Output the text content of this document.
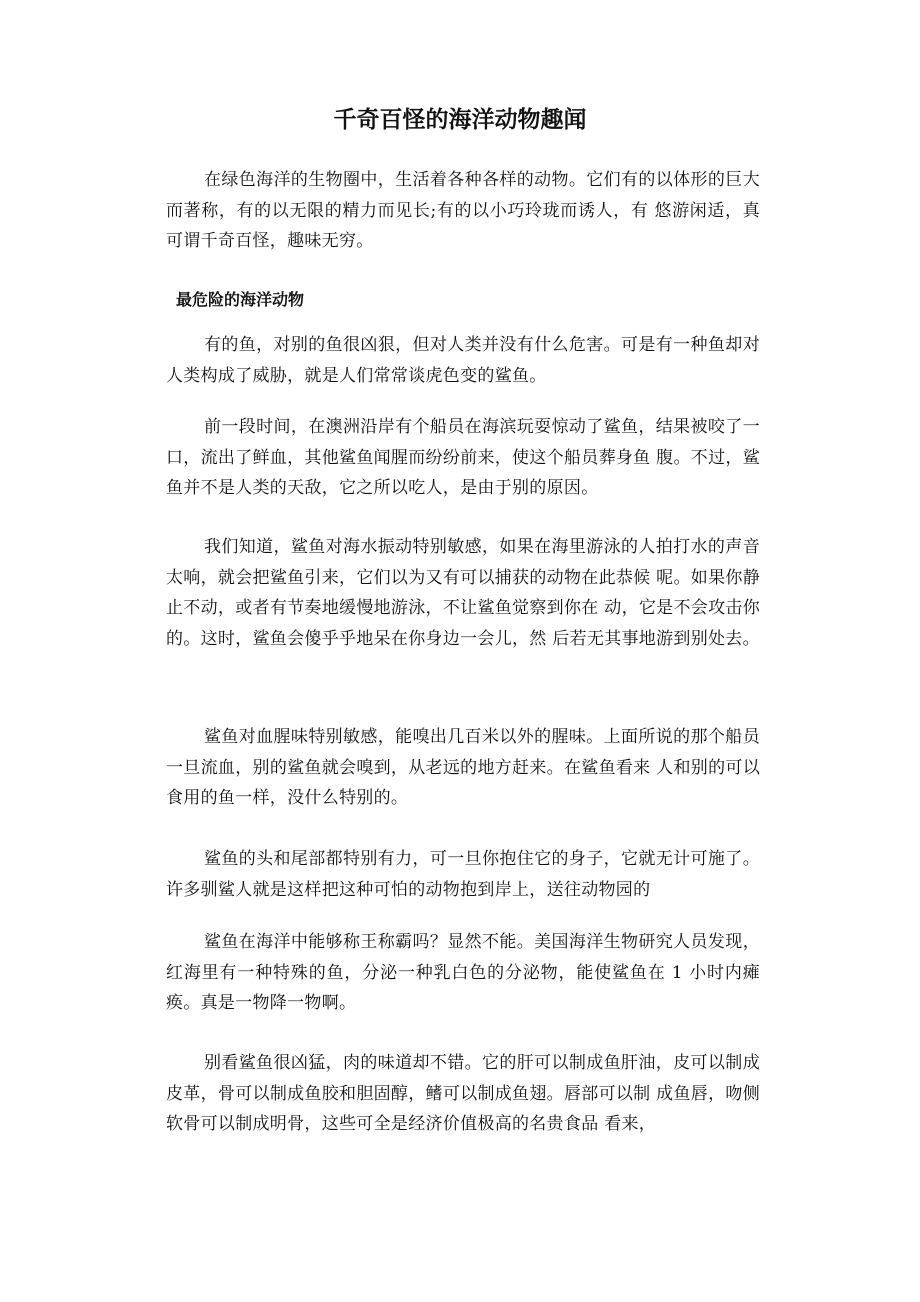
千奇百怪的海洋动物趣闻

在绿色海洋的生物圈中，生活着各种各样的动物。它们有的以体形的巨大而著称，有的以无限的精力而见长;有的以小巧玲珑而诱人，有 悠游闲适，真可谓千奇百怪，趣味无穷。

最危险的海洋动物

有的鱼，对别的鱼很凶狠，但对人类并没有什么危害。可是有一种鱼却对人类构成了威胁，就是人们常常谈虎色变的鲨鱼。

前一段时间，在澳洲沿岸有个船员在海滨玩耍惊动了鲨鱼，结果被咬了一口，流出了鲜血，其他鲨鱼闻腥而纷纷前来，使这个船员葬身鱼 腹。不过，鲨鱼并不是人类的天敌，它之所以吃人，是由于别的原因。

我们知道，鲨鱼对海水振动特别敏感，如果在海里游泳的人拍打水的声音太响，就会把鲨鱼引来，它们以为又有可以捕获的动物在此恭候 呢。如果你静止不动，或者有节奏地缓慢地游泳，不让鲨鱼觉察到你在 动，它是不会攻击你的。这时，鲨鱼会傻乎乎地呆在你身边一会儿，然 后若无其事地游到别处去。

鲨鱼对血腥味特别敏感，能嗅出几百米以外的腥味。上面所说的那个船员一旦流血，别的鲨鱼就会嗅到，从老远的地方赶来。在鲨鱼看来 人和别的可以食用的鱼一样，没什么特别的。

鲨鱼的头和尾部都特别有力，可一旦你抱住它的身子，它就无计可施了。许多驯鲨人就是这样把这种可怕的动物抱到岸上，送往动物园的

鲨鱼在海洋中能够称王称霸吗？显然不能。美国海洋生物研究人员发现，红海里有一种特殊的鱼，分泌一种乳白色的分泌物，能使鲨鱼在 1 小时内瘫痪。真是一物降一物啊。

别看鲨鱼很凶猛，肉的味道却不错。它的肝可以制成鱼肝油，皮可以制成皮革，骨可以制成鱼胶和胆固醇，鳍可以制成鱼翅。唇部可以制 成鱼唇，吻侧软骨可以制成明骨，这些可全是经济价值极高的名贵食品 看来，
